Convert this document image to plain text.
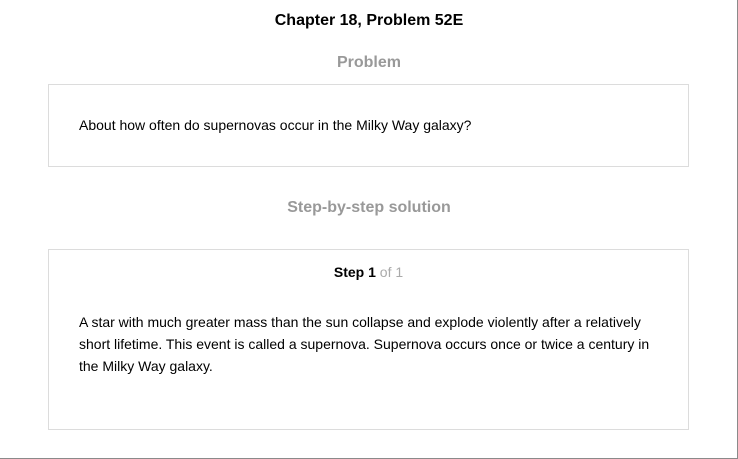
Chapter 18, Problem 52E
Problem
About how often do supernovas occur in the Milky Way galaxy?
Step-by-step solution
Step 1 of 1
A star with much greater mass than the sun collapse and explode violently after a relatively short lifetime. This event is called a supernova. Supernova occurs once or twice a century in the Milky Way galaxy.
